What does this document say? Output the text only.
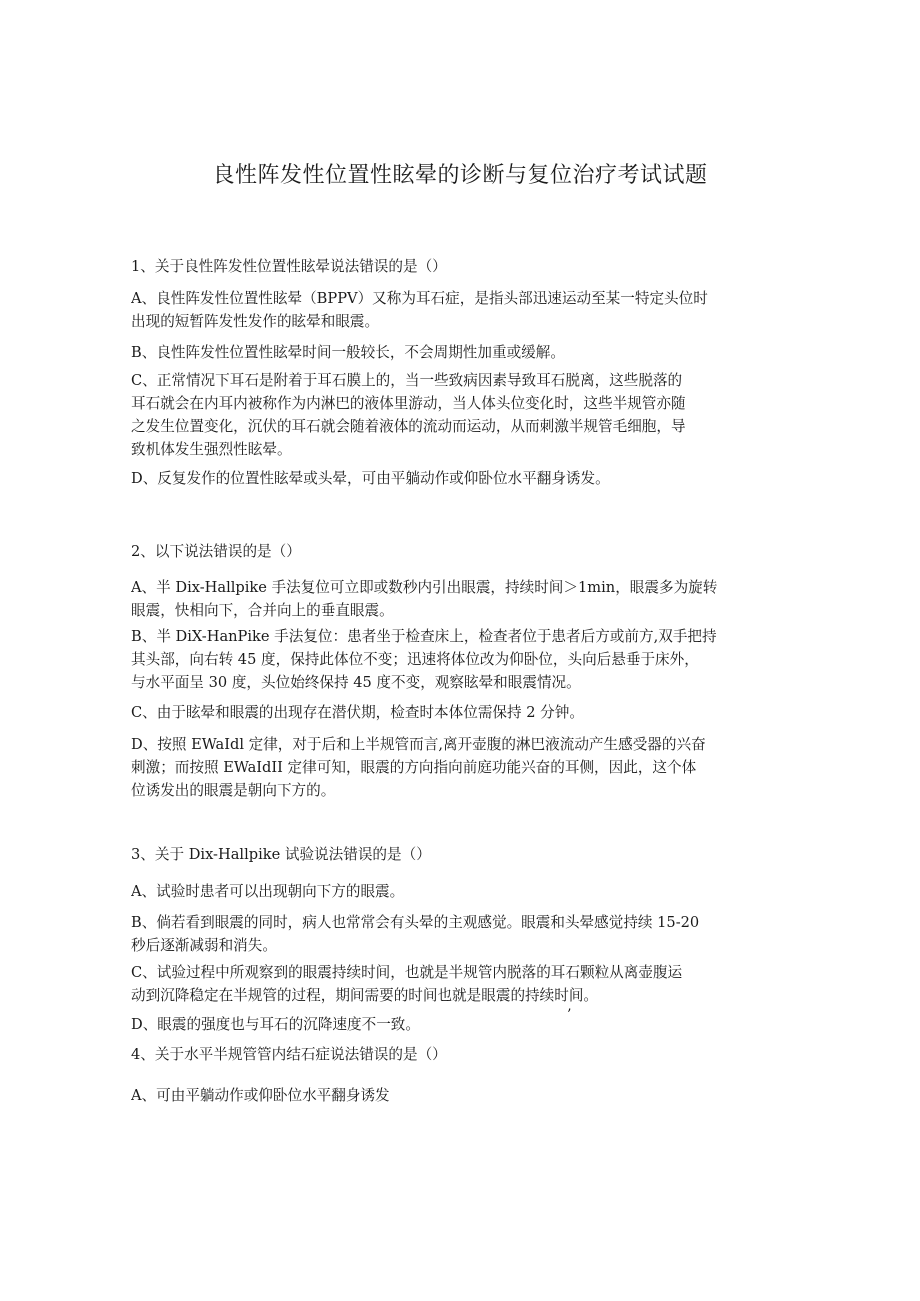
良性阵发性位置性眩晕的诊断与复位治疗考试试题
1、关于良性阵发性位置性眩晕说法错误的是（）
A、良性阵发性位置性眩晕（BPPV）又称为耳石症，是指头部迅速运动至某一特定头位时
出现的短暂阵发性发作的眩晕和眼震。
B、良性阵发性位置性眩晕时间一般较长，不会周期性加重或缓解。
C、正常情况下耳石是附着于耳石膜上的，当一些致病因素导致耳石脱离，这些脱落的
耳石就会在内耳内被称作为内淋巴的液体里游动，当人体头位变化时，这些半规管亦随
之发生位置变化，沉伏的耳石就会随着液体的流动而运动，从而刺激半规管毛细胞，导
致机体发生强烈性眩晕。
D、反复发作的位置性眩晕或头晕，可由平躺动作或仰卧位水平翻身诱发。
2、以下说法错误的是（）
A、半 Dix-Hallpike 手法复位可立即或数秒内引出眼震，持续时间＞1min，眼震多为旋转
眼震，快相向下，合并向上的垂直眼震。
B、半 DiX-HanPike 手法复位：患者坐于检查床上，检查者位于患者后方或前方,双手把持
其头部，向右转 45 度，保持此体位不变；迅速将体位改为仰卧位，头向后悬垂于床外，
与水平面呈 30 度，头位始终保持 45 度不变，观察眩晕和眼震情况。
C、由于眩晕和眼震的出现存在潜伏期，检查时本体位需保持 2 分钟。
D、按照 EWaIdl 定律，对于后和上半规管而言,离开壶腹的淋巴液流动产生感受器的兴奋
刺激；而按照 EWaIdII 定律可知，眼震的方向指向前庭功能兴奋的耳侧，因此，这个体
位诱发出的眼震是朝向下方的。
3、关于 Dix-Hallpike 试验说法错误的是（）
A、试验时患者可以出现朝向下方的眼震。
B、倘若看到眼震的同时，病人也常常会有头晕的主观感觉。眼震和头晕感觉持续 15-20
秒后逐渐减弱和消失。
C、试验过程中所观察到的眼震持续时间，也就是半规管内脱落的耳石颗粒从离壶腹运
动到沉降稳定在半规管的过程，期间需要的时间也就是眼震的持续时间。
D、眼震的强度也与耳石的沉降速度不一致。
’
4、关于水平半规管管内结石症说法错误的是（）
A、可由平躺动作或仰卧位水平翻身诱发
